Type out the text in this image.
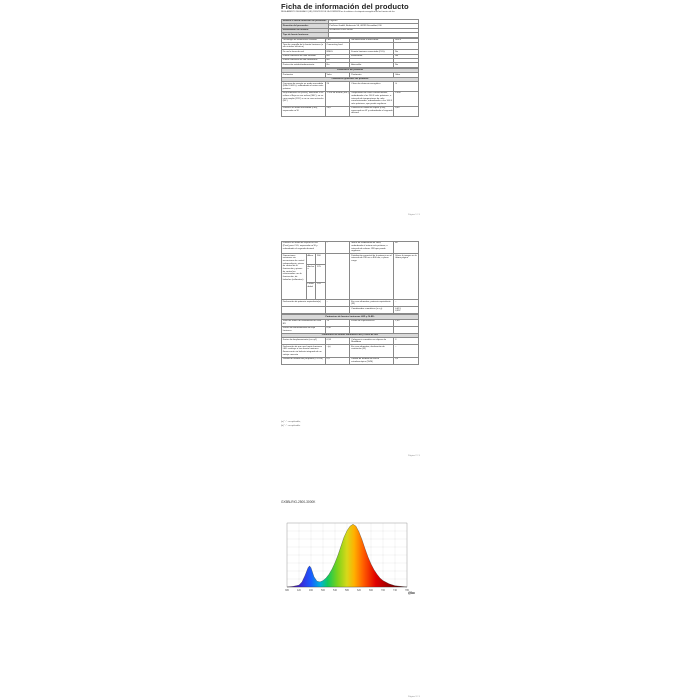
Ficha de información del producto
REGLAMENTO DELEGADO (UE) 2019/2015 DE LA COMISIÓN en lo relativo a la etiqueta energética de las fuentes de luz
Nombre o marca comercial del proveedor:	Kiightan
Dirección del proveedor:	ProDrive GmbH, Brahmsstr 56, 40239 Düsseldorf, DE
Identificador del modelo:	GX5BLRIG-2500-3000K
Tipo de fuente luminosa:	
Tecnología de iluminación utilizada:	LED	No direccional o direccional:	NDLS
Tipo de casquillo de la fuente luminosa (u otra interfaz eléctrica)	Connecting lead		
De red o fuera de red:	NMLS	Fuente luminosa conectada (CLS):	No
Fuente luminosa de color variable:	No	Envolvente:	No
Fuente luminosa de alta luminancia:	No		
Protección antideslumbramiento:	No	Atenuable:	No
Parámetros del producto			
Parámetro	Valor	Parámetro	Valor
Parámetros generales del producto			
Consumo de energía en modo encendido (kWh/1 000 h), redondeado al entero más próximo	24	Clase de eficiencia energética	G
Flujo luminoso útil (Φuse), indicando si se refiere al flujo en una esfera (360°), en un cono amplio (120°) o en un cono estrecho (90°)	1 920 en Esfera (360°)	Temperatura de color correlacionada, redondeada a los 100 K más próximos, o intervalo de temperaturas de color correlacionadas, redondeadas a los 100 K más próximos, que puede regularse	3 000
Potencia en modo encendido (Pon), expresada en W	24,0	Potencia en modo de espera (Psb), expresada en W y redondeada al segundo decimal	0,00
Página 1 / 3
Potencia en modo de espera en red (Pnet) para CLS, expresada en W y redondeada al segundo decimal			–	Índice de rendimiento de color, redondeado al entero más próximo, o intervalo de valores CRI que puede regularse	80
Dimensiones exteriores sin mecanismo de control independiente, piezas de control de la iluminación y piezas de control no relacionadas con la iluminación, de haberlas (milímetros)	Altura	260		Distribución espectral de la potencia en el intervalo de 250 nm a 800 nm, a plena carga	Véase la imagen en la última página
	Anchura	125			
	Profundidad	155			
Declaración de potencia equivalente(a)			–	En caso afirmativo, potencia equivalente (W)	–
				Coordenadas cromáticas (x e y)	0,413
0,397
Parámetros de fuentes luminosas LED y OLED:			
Valor del índice de rendimiento de color R9	15	Factor de supervivencia	1,00
Factor de mantenimiento del flujo luminoso	0,90		
Parámetros de fuentes luminosas LED y OLED de red:			
Factor de desplazamiento (cos φ1)	0,53	Coherencia cromática en elipses de MacAdam	3
Declaración de que una fuente luminosa LED sustituye a una fuente luminosa fluorescente sin balasto integrado de un vatiaje concreto	–(a)	En caso afirmativo, declaración de sustitución (W)	–
Unidad de medida del parpadeo (Pst LM)	0,4	Unidad de medida del efecto estroboscópico (SVM)	0,3
(a) "–": no aplicable;
(b) "–": no aplicable.
Página 2 / 3
GX5BLRIG-2500-3000K
380	420	460	500	540	580	620	660	700	740	780
@kc
Página 3 / 3
